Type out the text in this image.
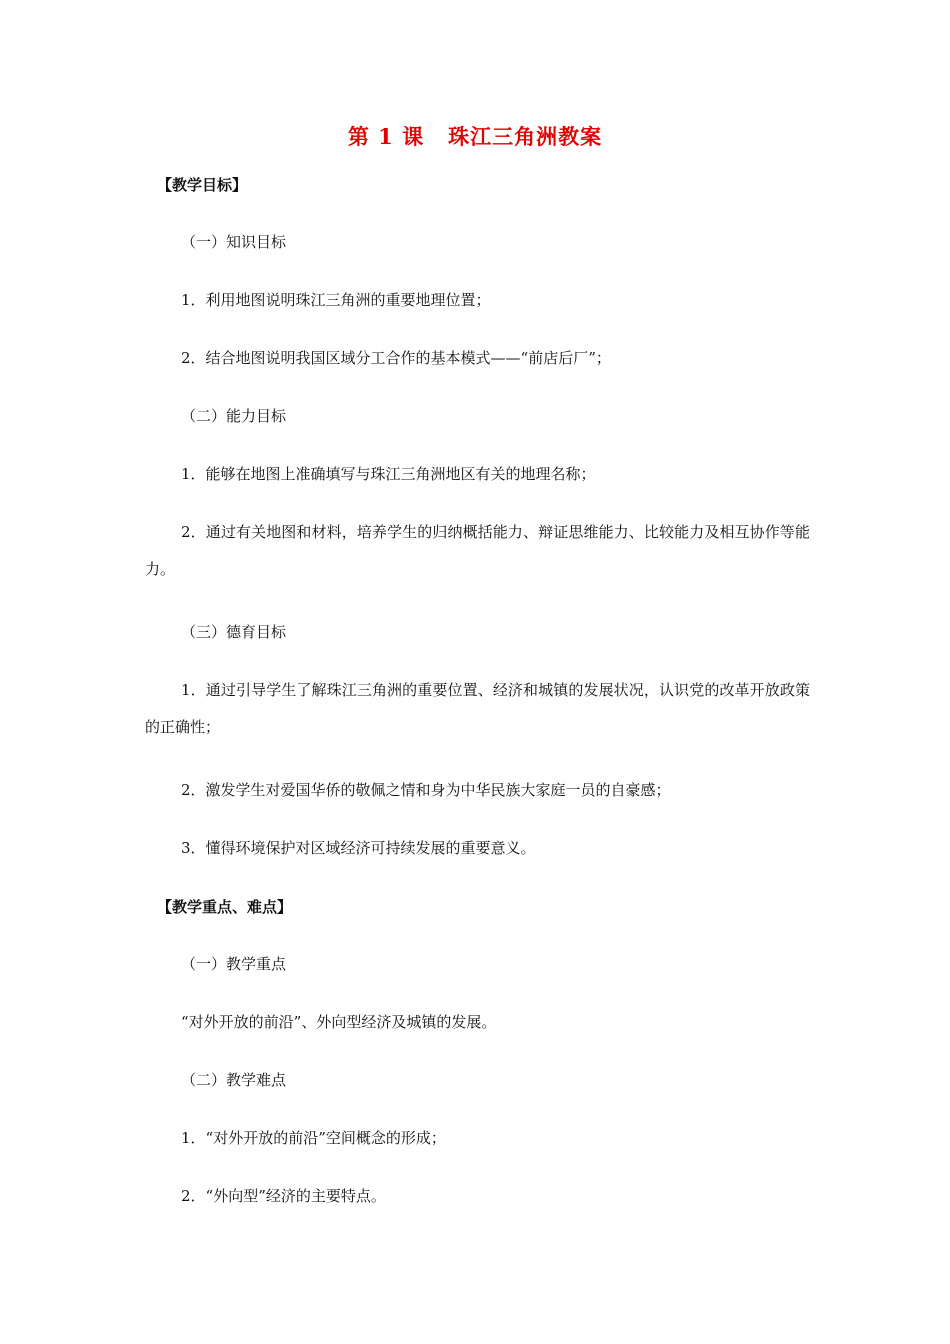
第 1 课 珠江三角洲教案
【教学目标】
（一）知识目标
1．利用地图说明珠江三角洲的重要地理位置；
2．结合地图说明我国区域分工合作的基本模式——“前店后厂”；
（二）能力目标
1．能够在地图上准确填写与珠江三角洲地区有关的地理名称；
2．通过有关地图和材料，培养学生的归纳概括能力、辩证思维能力、比较能力及相互协作等能力。
（三）德育目标
1．通过引导学生了解珠江三角洲的重要位置、经济和城镇的发展状况，认识党的改革开放政策的正确性；
2．激发学生对爱国华侨的敬佩之情和身为中华民族大家庭一员的自豪感；
3．懂得环境保护对区域经济可持续发展的重要意义。
【教学重点、难点】
（一）教学重点
“对外开放的前沿”、外向型经济及城镇的发展。
（二）教学难点
1．“对外开放的前沿”空间概念的形成；
2．“外向型”经济的主要特点。
